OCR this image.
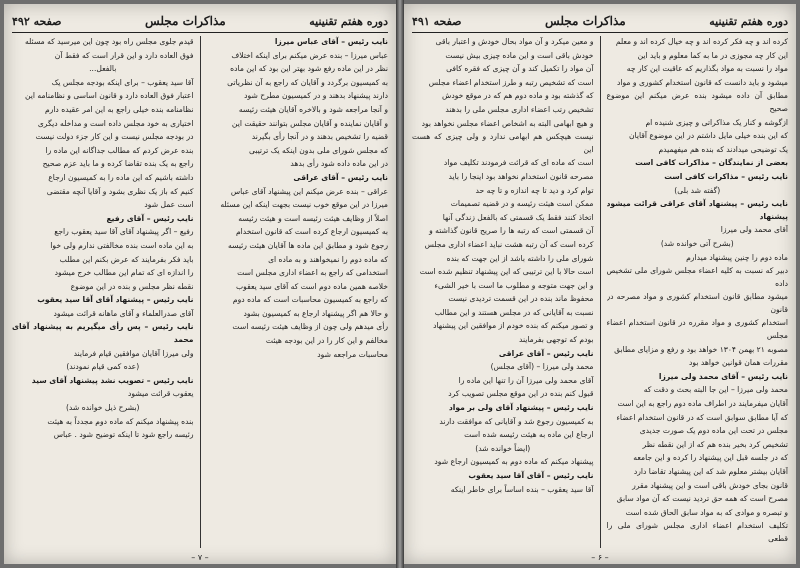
دوره هفتم تقنینیه
مذاکرات مجلس
صفحه ۴۹۲

نایب رئیس – آقای عباس میرزا

عباس میرزا – بنده عرض میکنم برای اینکه اختلاف

نظر در این ماده رفع شود بهتر این بود که این ماده

به کمیسیون برگردد و آقایان که راجع به آن نظریاتی

دارند پیشنهاد بدهند و در کمیسیون مطرح شود

و آنجا مراجعه شود و بالاخره آقایان هیئت رئیسه

و آقایان نماینده و آقایان مجلس بتوانند حقیقت این

قضیه را تشخیص بدهند و در آنجا رأی بگیرند

که مجلس شورای ملی بدون اینکه یک ترتیبی

در این ماده داده شود رأی بدهد

نایب رئیس – آقای عراقی

عراقی – بنده عرض میکنم این پیشنهاد آقای عباس

میرزا در این موقع خوب نیست بجهت اینکه این مسئله

اصلاً از وظایف هیئت رئیسه است و هیئت رئیسه

به کمیسیون ارجاع کرده است که قانون استخدام

رجوع شود و مطابق این ماده ها آقایان هیئت رئیسه

که ماده دوم را نمیخواهند و به ماده ای

استخدامی که راجع به اعضاء اداری مجلس است

خلاصه همین ماده دوم است که آقای سید یعقوب

که راجع به کمیسیون محاسبات است که ماده دوم

و حالا هم اگر پیشنهاد ارجاع به کمیسیون بشود

رأی میدهم ولی چون از وظایف هیئت رئیسه است

مخالفم و این کار را در این بودجه هیئت

محاسبات مراجعه شود

قیدم جلوی مجلس راه بود چون این میرسید که مسئله

فوق العاده دارد و این قرار است که فقط آن

بالفعل...

آقا سید یعقوب – برای اینکه بودجه مجلس یک

اعتبار فوق العاده دارد و قانون اساسی و نظامنامه این

نظامنامه بنده خیلی راجع به این امر عقیده دارم

اختیاری به خود مجلس داده است و مداخله دیگری

در بودجه مجلس نیست و این کار جزء دولت نیست

بنده عرض کردم که مطالب جداگانه این ماده را

راجع به یک بنده تقاضا کرده و ما باید عزم صحیح

داشته باشیم که این ماده را به کمیسیون ارجاع

کنیم که باز یک نظری بشود و آقایا آنچه مقتضی

است عمل شود

نایب رئیس – آقای رفیع

رفیع – اگر پیشنهاد آقای آقا سید یعقوب راجع

به این ماده است بنده مخالفتی ندارم ولی خوا

باید فکر بفرمایند که عرض بکنم این مطلب

را اندازه ای که تمام این مطالب خرج میشود

نقطه نظر مجلس و بنده در این موضوع

نایب رئیس – پیشنهاد آقای آقا سید یعقوب

آقای صدرالعلماء و آقای ماهانه قرائت میشود

نایب رئیس – پس رأی میگیریم به پیشنهاد آقای محمد

ولی میرزا آقایان موافقین قیام فرمایند

(عده کمی قیام نمودند)

نایب رئیس – تصویب نشد پیشنهاد آقای سید

یعقوب قرائت میشود

(بشرح ذیل خوانده شد)

بنده پیشنهاد میکنم که ماده دوم مجدداً به هیئت

رئیسه راجع شود تا اینکه توضیح شود . عباس

– ۷ –
دوره هفتم تقنینیه
مذاکرات مجلس
صفحه ۴۹۱

کرده اند و چه فکر کرده اند و چه خیال کرده اند و معلم

این کار چه مجوزی در ما به کما معلوم و باید این

مواد را نسبت به مواد بگذاریم که عاقبت این کار چه

میشود و باید دانست که قانون استخدام کشوری و مواد

مطابق آن داده میشود بنده عرض میکنم این موضوع صحیح

ازگوشه و کنار یک مذاکراتی و چیزی شنیده ام

که این بنده خیلی مایل داشتم در این موضوع آقایان

یک توضیحی میدادند که بنده هم میفهمیدم

بعضی از نمایندگان – مذاکرات کافی است

نایب رئیس – مذاکرات کافی است

(گفته شد بلی)

نایب رئیس – پیشنهاد آقای عراقی قرائت میشود پیشنهاد

آقای محمد ولی میرزا

(بشرح آتی خوانده شد)

ماده دوم را چنین پیشنهاد میدارم

دبیر که نسبت به کلیه اعضاء مجلس شورای ملی تشخیص داده

میشود مطابق قانون استخدام کشوری و مواد مصرحه در قانون

استخدام کشوری و مواد مقرره در قانون استخدام اعضاء مجلس

مصوبه ۲۱ بهمن ۱۳۰۴ خواهد بود و رفع و مزایای مطابق

مقررات همان قوانین خواهد بود

نایب رئیس – آقای محمد ولی میرزا

محمد ولی میرزا – این جا البته بحث و دقت که

آقایان میفرمایند در اطراف ماده دوم راجع به این است

که آیا مطابق سوابق است که در قانون استخدام اعضاء

مجلس در تحت این ماده دوم یک صورت جدیدی

تشخیص کرد بخیر بنده هم که از این نقطه نظر

که در جلسه قبل این پیشنهاد را کرده و این جامعه

آقایان بیشتر معلوم شد که این پیشنهاد تقاضا دارد

قانون بجای خودش باقی است و این پیشنهاد مقرر

مصرح است که همه حق تردید نیست که آن مواد سابق

و تبصره و موادی که به مواد سابق الحاق شده است

تکلیف استخدام اعضاء اداری مجلس شورای ملی را قطعی

و معین میکرد و آن مواد بحال خودش و اعتبار باقی

خودش باقی است و این ماده چیزی بیش نیست

آن مواد را تکمیل کند و آن چیزی که فقره کافی

است که تشخیص رتبه و طرز استخدام اعضاء مجلس

که گذشته بود و ماده دوم هم که در موقع خودش

تشخیص رتب اعضاء اداری مجلس ملی را بدهند

و هیچ ابهامی البته به اشخاص اعضاء مجلس نخواهد بود

نیست هیچکس هم ابهامی ندارد و ولی چیزی که هست این

است که ماده ای که قرائت فرمودند تکلیف مواد

مصرحه قانون استخدام نخواهد بود اینجا را باید

توام کرد و دید تا چه اندازه و تا چه حد

ممکن است هیئت رئیسه و در قضیه تصمیمات

اتخاذ کنند فقط یک قسمتی که بالفعل زندگی آنها

آن قسمتی است که رتبه ها را صریح قانون گذاشته و

کرده است که آن رتبه هشت نباید اعضاء اداری مجلس

شورای ملی را داشته باشد از این جهت که بنده

است حالا با این ترتیبی که این پیشنهاد تنظیم شده است

و این جهت متوجه و مطلوب ما است با خیر الشیء

محفوظ ماند بنده در این قسمت تردیدی نیست

نسبت به آقایانی که در مجلس هستند و این مطالب

و تصور میکنم که بنده خودم از موافقین این پیشنهاد

بودم که توجهی بفرمایند

نایب رئیس – آقای عراقی

محمد ولی میرزا – (آقای مجلس)

آقای محمد ولی میرزا آن را تنها این ماده را

قبول کنم بنده در این موقع مجلس تصویب کرد

نایب رئیس – پیشنهاد آقای ولی بر مواد

به کمیسیون رجوع شد و آقایانی که موافقت دارند

ارجاع این ماده به هیئت رئیسه شده است

(ایضاً خوانده شد)

پیشنهاد میکنم که ماده دوم به کمیسیون ارجاع شود

نایب رئیس – آقای آقا سید یعقوب

آقا سید یعقوب – بنده اساساً برای خاطر اینکه

– ۶ –
